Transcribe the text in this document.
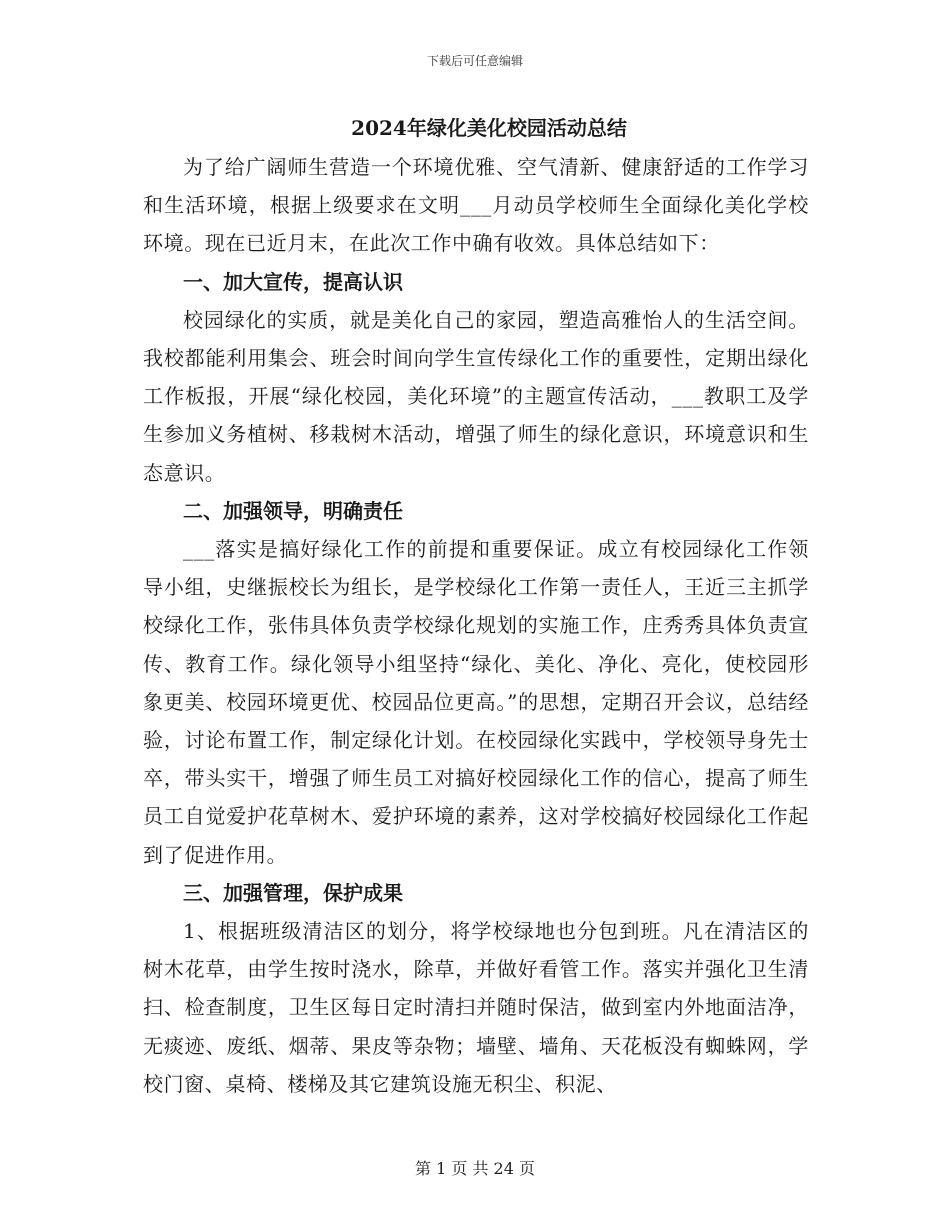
下载后可任意编辑
2024年绿化美化校园活动总结

为了给广阔师生营造一个环境优雅、空气清新、健康舒适的工作学习和生活环境，根据上级要求在文明___月动员学校师生全面绿化美化学校环境。现在已近月末，在此次工作中确有收效。具体总结如下：

一、加大宣传，提高认识

校园绿化的实质，就是美化自己的家园，塑造高雅怡人的生活空间。我校都能利用集会、班会时间向学生宣传绿化工作的重要性，定期出绿化工作板报，开展“绿化校园，美化环境”的主题宣传活动，___教职工及学生参加义务植树、移栽树木活动，增强了师生的绿化意识，环境意识和生态意识。

二、加强领导，明确责任

___落实是搞好绿化工作的前提和重要保证。成立有校园绿化工作领导小组，史继振校长为组长，是学校绿化工作第一责任人，王近三主抓学校绿化工作，张伟具体负责学校绿化规划的实施工作，庄秀秀具体负责宣传、教育工作。绿化领导小组坚持“绿化、美化、净化、亮化，使校园形象更美、校园环境更优、校园品位更高。”的思想，定期召开会议，总结经验，讨论布置工作，制定绿化计划。在校园绿化实践中，学校领导身先士卒，带头实干，增强了师生员工对搞好校园绿化工作的信心，提高了师生员工自觉爱护花草树木、爱护环境的素养，这对学校搞好校园绿化工作起到了促进作用。

三、加强管理，保护成果

1、根据班级清洁区的划分，将学校绿地也分包到班。凡在清洁区的树木花草，由学生按时浇水，除草，并做好看管工作。落实并强化卫生清扫、检查制度，卫生区每日定时清扫并随时保洁，做到室内外地面洁净，无痰迹、废纸、烟蒂、果皮等杂物；墙壁、墙角、天花板没有蜘蛛网，学校门窗、桌椅、楼梯及其它建筑设施无积尘、积泥、

第 1 页 共 24 页
